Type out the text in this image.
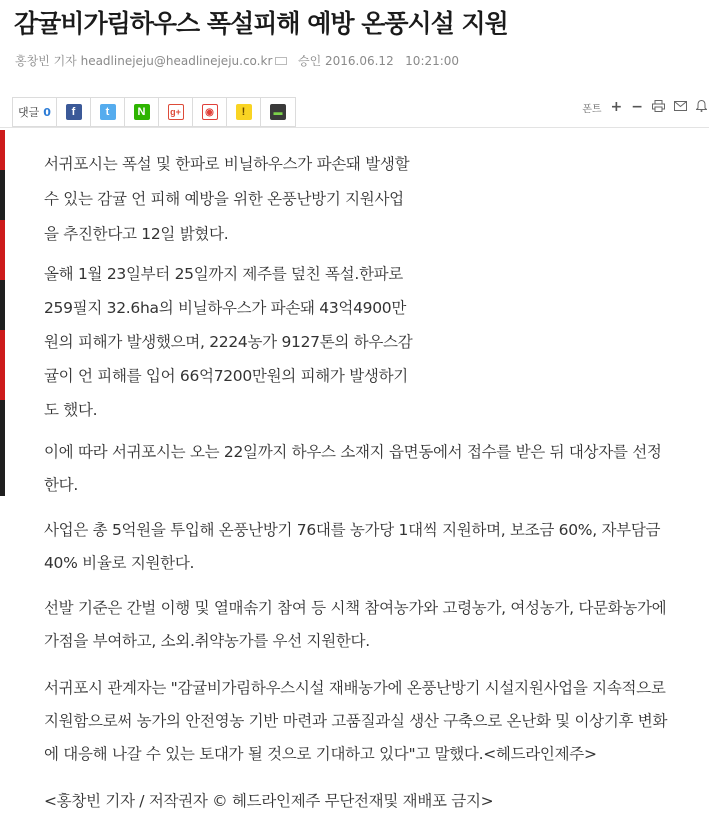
감귤비가림하우스 폭설피해 예방 온풍시설 지원
홍창빈 기자 headlinejeju@headlinejeju.co.kr 승인 2016.06.12 10:21:00
댓글 0	f	t	N	g+	◉	!	▬	폰트 + −
서귀포시는 폭설 및 한파로 비닐하우스가 파손돼 발생할
수 있는 감귤 언 피해 예방을 위한 온풍난방기 지원사업
을 추진한다고 12일 밝혔다.
올해 1월 23일부터 25일까지 제주를 덮친 폭설.한파로
259필지 32.6ha의 비닐하우스가 파손돼 43억4900만
원의 피해가 발생했으며, 2224농가 9127톤의 하우스감
귤이 언 피해를 입어 66억7200만원의 피해가 발생하기
도 했다.
이에 따라 서귀포시는 오는 22일까지 하우스 소재지 읍면동에서 접수를 받은 뒤 대상자를 선정
한다.
사업은 총 5억원을 투입해 온풍난방기 76대를 농가당 1대씩 지원하며, 보조금 60%, 자부담금
40% 비율로 지원한다.
선발 기준은 간벌 이행 및 열매솎기 참여 등 시책 참여농가와 고령농가, 여성농가, 다문화농가에
가점을 부여하고, 소외.취약농가를 우선 지원한다.
서귀포시 관계자는 "감귤비가림하우스시설 재배농가에 온풍난방기 시설지원사업을 지속적으로
지원함으로써 농가의 안전영농 기반 마련과 고품질과실 생산 구축으로 온난화 및 이상기후 변화
에 대응해 나갈 수 있는 토대가 될 것으로 기대하고 있다"고 말했다.<헤드라인제주>
<홍창빈 기자 / 저작권자 © 헤드라인제주 무단전재및 재배포 금지>
